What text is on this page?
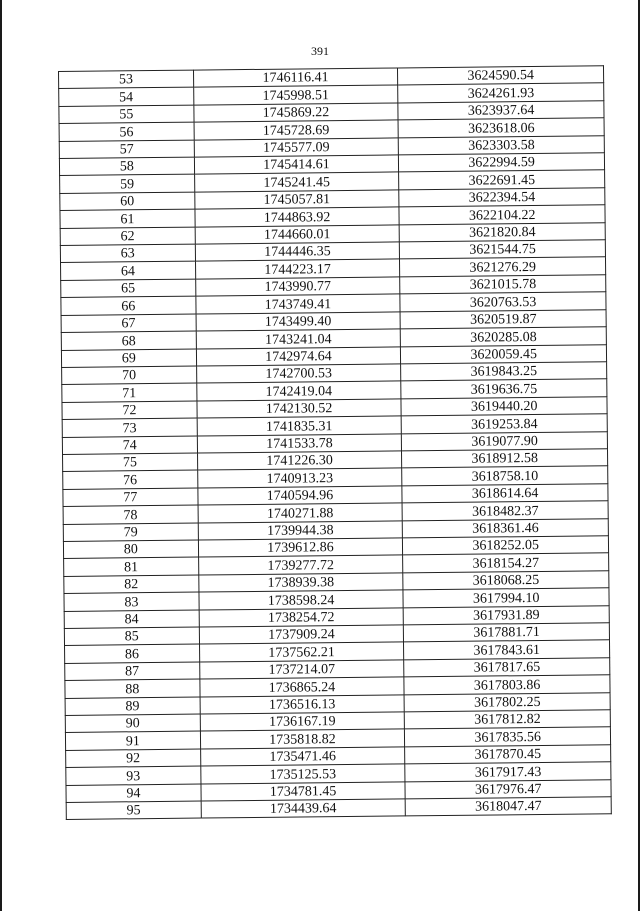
391
53	1746116.41	3624590.54
54	1745998.51	3624261.93
55	1745869.22	3623937.64
56	1745728.69	3623618.06
57	1745577.09	3623303.58
58	1745414.61	3622994.59
59	1745241.45	3622691.45
60	1745057.81	3622394.54
61	1744863.92	3622104.22
62	1744660.01	3621820.84
63	1744446.35	3621544.75
64	1744223.17	3621276.29
65	1743990.77	3621015.78
66	1743749.41	3620763.53
67	1743499.40	3620519.87
68	1743241.04	3620285.08
69	1742974.64	3620059.45
70	1742700.53	3619843.25
71	1742419.04	3619636.75
72	1742130.52	3619440.20
73	1741835.31	3619253.84
74	1741533.78	3619077.90
75	1741226.30	3618912.58
76	1740913.23	3618758.10
77	1740594.96	3618614.64
78	1740271.88	3618482.37
79	1739944.38	3618361.46
80	1739612.86	3618252.05
81	1739277.72	3618154.27
82	1738939.38	3618068.25
83	1738598.24	3617994.10
84	1738254.72	3617931.89
85	1737909.24	3617881.71
86	1737562.21	3617843.61
87	1737214.07	3617817.65
88	1736865.24	3617803.86
89	1736516.13	3617802.25
90	1736167.19	3617812.82
91	1735818.82	3617835.56
92	1735471.46	3617870.45
93	1735125.53	3617917.43
94	1734781.45	3617976.47
95	1734439.64	3618047.47
